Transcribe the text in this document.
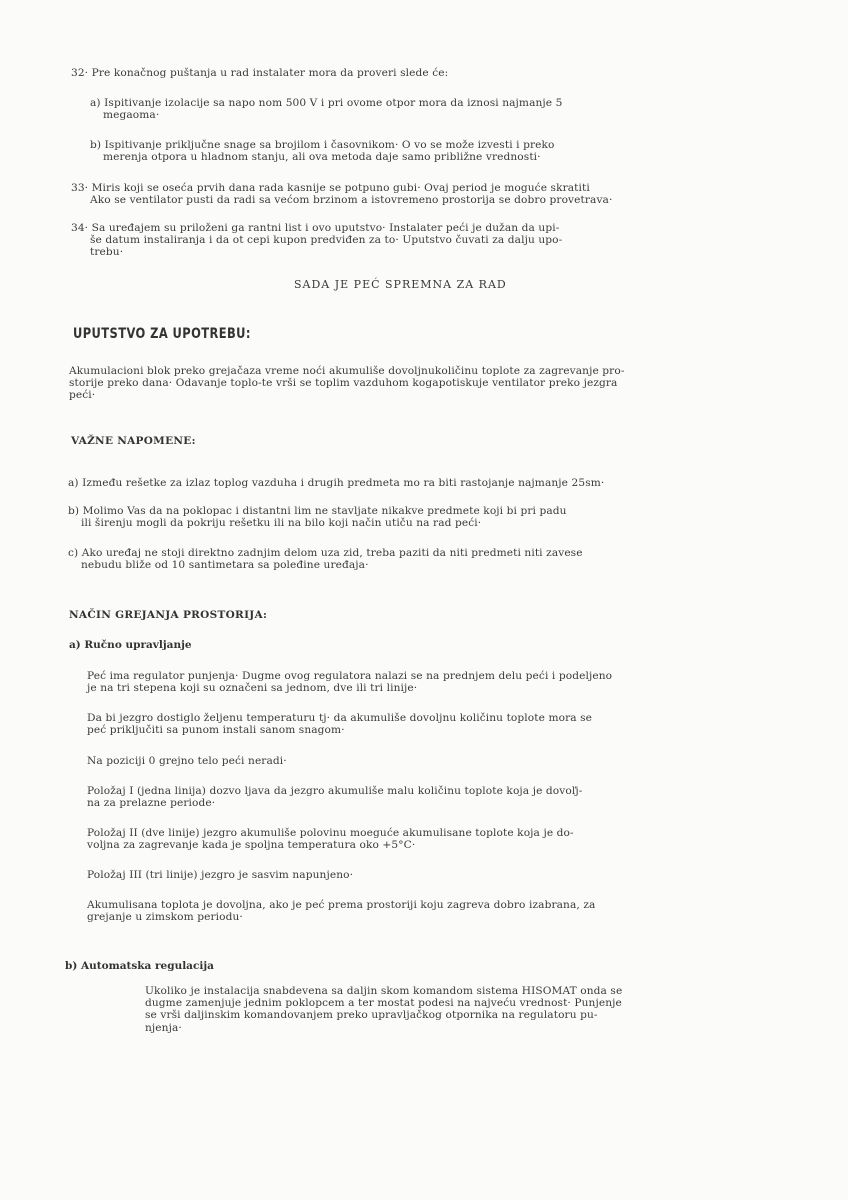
SADA JE PEĆ SPREMNA ZA RAD
UPUTSTVO ZA UPOTREBU:
VAŽNE NAPOMENE:
NAČIN GREJANJA PROSTORIJA:
a) Ručno upravljanje
b) Automatska regulacija
32· Pre konačnog puštanja u rad instalater mora da proveri slede će:
a) Ispitivanje izolacije sa napo nom 500 V i pri ovome otpor mora da iznosi najmanje 5
megaoma·
b) Ispitivanje priključne snage sa brojilom i časovnikom· O vo se može izvesti i preko
merenja otpora u hladnom stanju, ali ova metoda daje samo približne vrednosti·
33· Miris koji se oseća prvih dana rada kasnije se potpuno gubi· Ovaj period je moguće skratiti
Ako se ventilator pusti da radi sa većom brzinom a istovremeno prostorija se dobro provetrava·
34· Sa uređajem su priloženi ga rantni list i ovo uputstvo· Instalater peći je dužan da upi-
še datum instaliranja i da ot cepi kupon predviđen za to· Uputstvo čuvati za dalju upo-
trebu·
Akumulacioni blok preko grejačaza vreme noći akumuliše dovoljnukoličinu toplote za zagrevanje pro-
storije preko dana· Odavanje toplo-te vrši se toplim vazduhom kogapotiskuje ventilator preko jezgra
peći·
a) Između rešetke za izlaz toplog vazduha i drugih predmeta mo ra biti rastojanje najmanje 25sm·
b) Molimo Vas da na poklopac i distantni lim ne stavljate nikakve predmete koji bi pri padu
ili širenju mogli da pokriju rešetku ili na bilo koji način utiču na rad peći·
c) Ako uređaj ne stoji direktno zadnjim delom uza zid, treba paziti da niti predmeti niti zavese
nebudu bliže od 10 santimetara sa poleđine uređaja·
Peć ima regulator punjenja· Dugme ovog regulatora nalazi se na prednjem delu peći i podeljeno
je na tri stepena koji su označeni sa jednom, dve ili tri linije·
Da bi jezgro dostiglo željenu temperaturu tj· da akumuliše dovoljnu količinu toplote mora se
peć priključiti sa punom instali sanom snagom·
Na poziciji 0 grejno telo peći neradi·
Položaj I (jedna linija) dozvo ljava da jezgro akumuliše malu količinu toplote koja je dovoľj-
na za prelazne periode·
Položaj II (dve linije) jezgro akumuliše polovinu moeguće akumulisane toplote koja je do-
voljna za zagrevanje kada je spoljna temperatura oko +5°C·
Položaj III (tri linije) jezgro je sasvim napunjeno·
Akumulisana toplota je dovoljna, ako je peć prema prostoriji koju zagreva dobro izabrana, za
grejanje u zimskom periodu·
Ukoliko je instalacija snabdevena sa daljin skom komandom sistema HISOMAT onda se
dugme zamenjuje jednim poklopcem a ter mostat podesi na najveću vrednost· Punjenje
se vrši daljinskim komandovanjem preko upravljačkog otpornika na regulatoru pu-
njenja·
